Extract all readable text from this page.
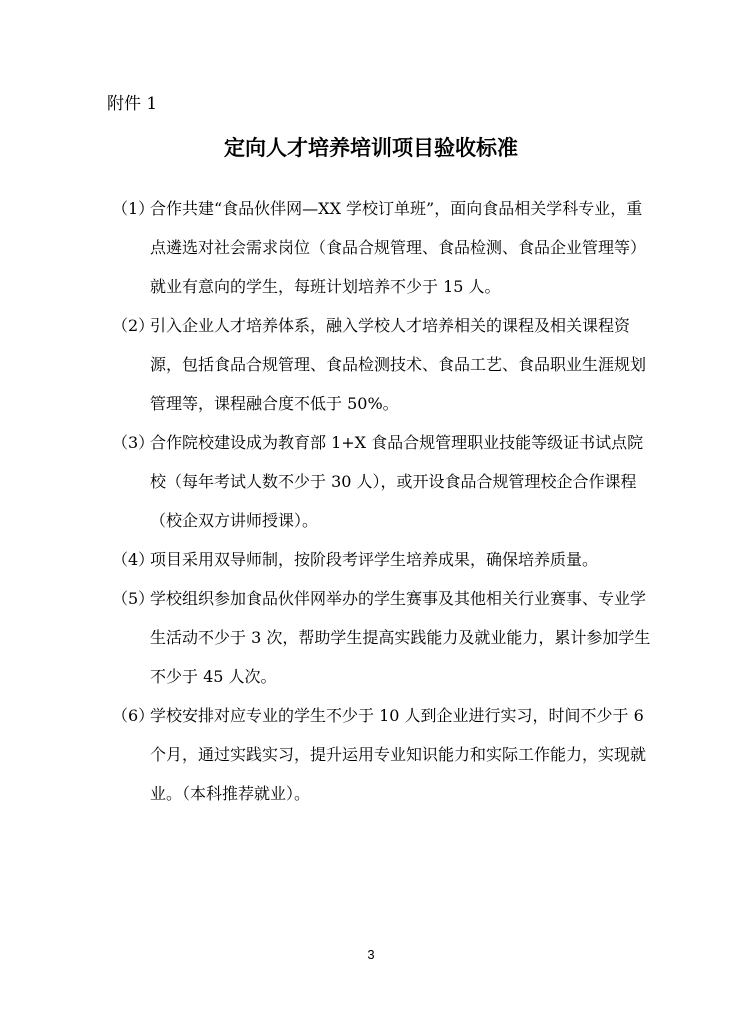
附件 1
定向人才培养培训项目验收标准
（1）
合作共建“食品伙伴网—XX 学校订单班”，面向食品相关学科专业，重点遴选对社会需求岗位（食品合规管理、食品检测、食品企业管理等）就业有意向的学生，每班计划培养不少于 15 人。
（2）
引入企业人才培养体系，融入学校人才培养相关的课程及相关课程资源，包括食品合规管理、食品检测技术、食品工艺、食品职业生涯规划管理等，课程融合度不低于 50%。
（3）
合作院校建设成为教育部 1+X 食品合规管理职业技能等级证书试点院校（每年考试人数不少于 30 人），或开设食品合规管理校企合作课程（校企双方讲师授课）。
（4）
项目采用双导师制，按阶段考评学生培养成果，确保培养质量。
（5）
学校组织参加食品伙伴网举办的学生赛事及其他相关行业赛事、专业学生活动不少于 3 次，帮助学生提高实践能力及就业能力，累计参加学生不少于 45 人次。
（6）
学校安排对应专业的学生不少于 10 人到企业进行实习，时间不少于 6 个月，通过实践实习，提升运用专业知识能力和实际工作能力，实现就业。（本科推荐就业）。
3
